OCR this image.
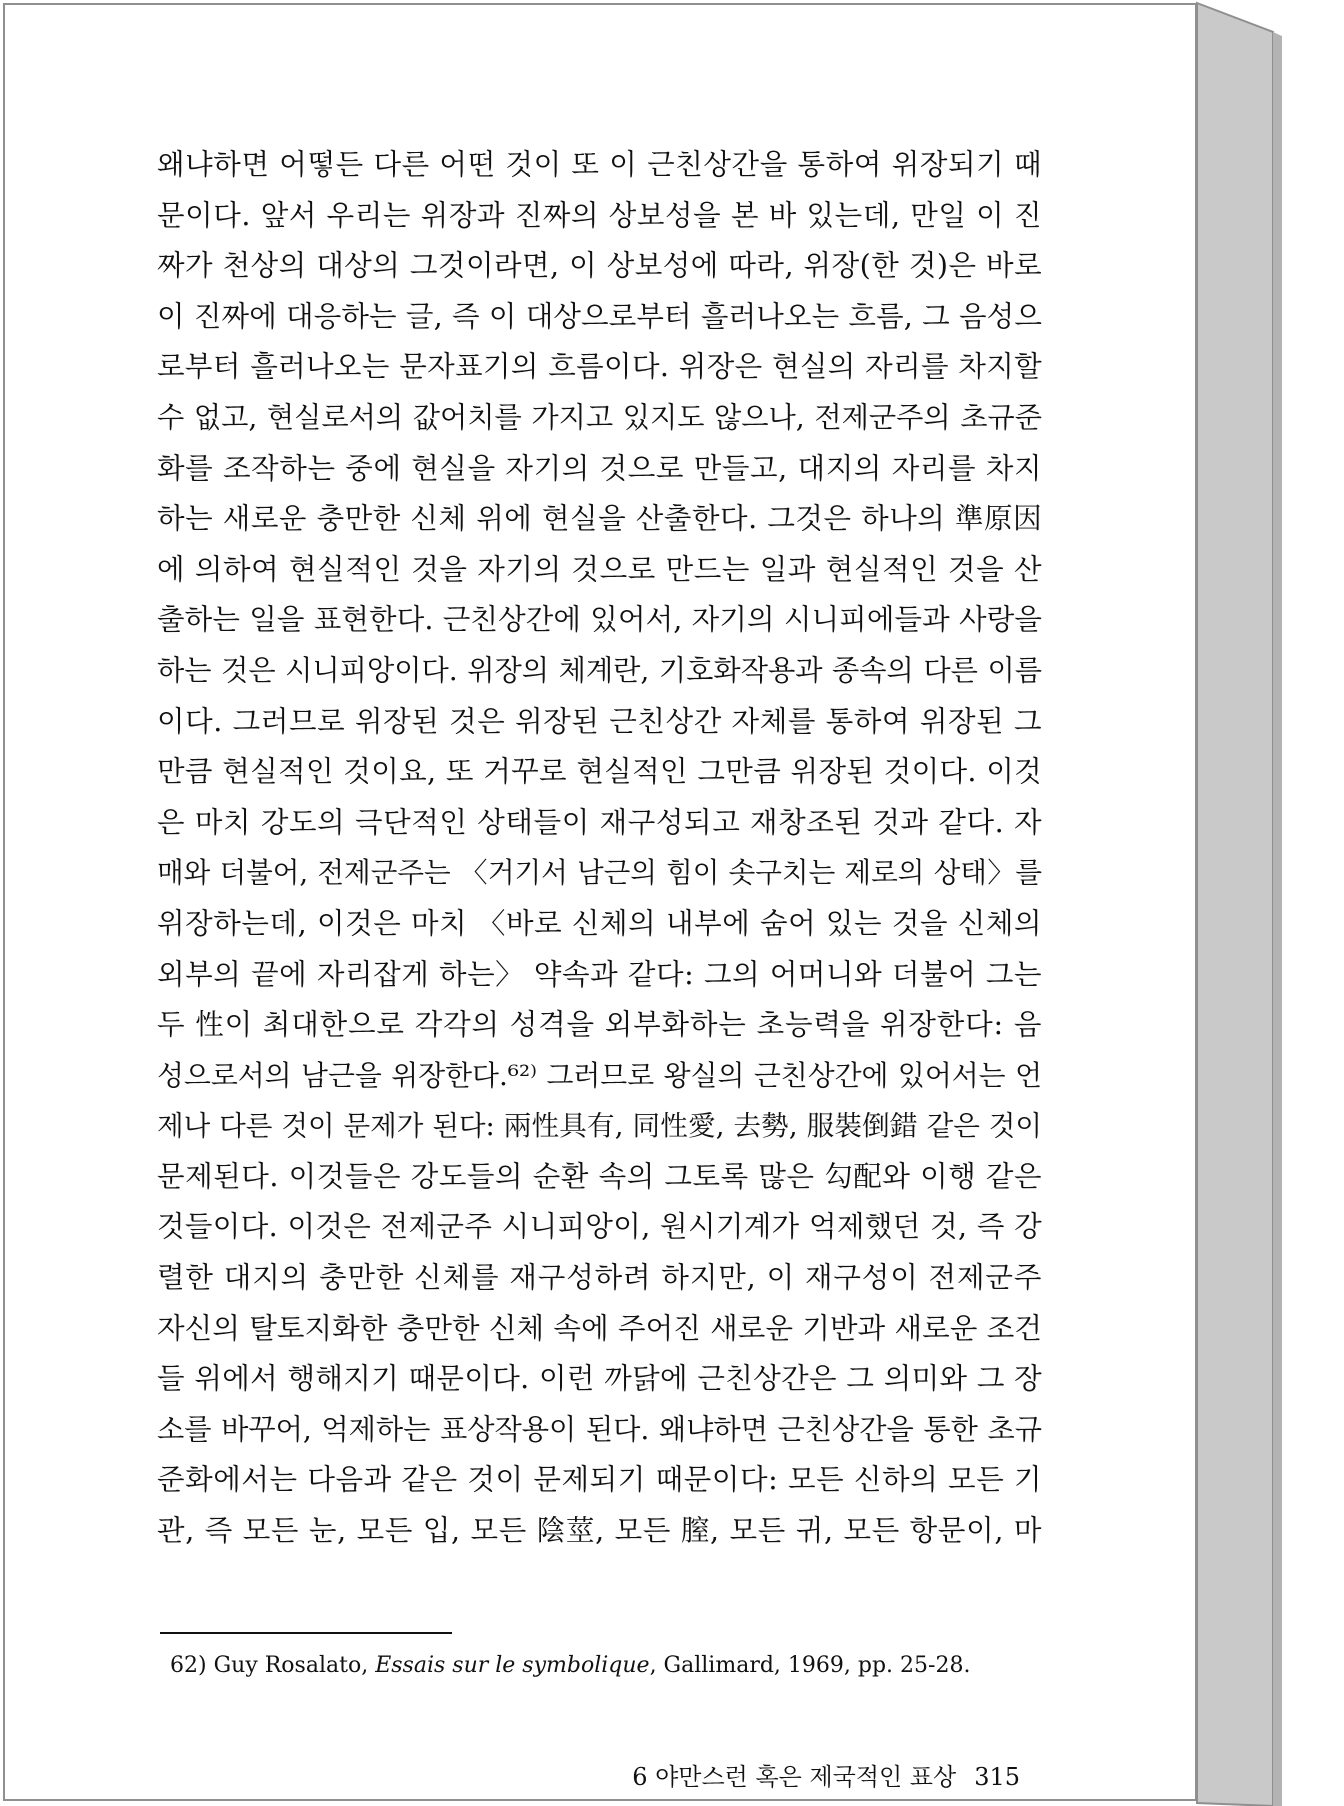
왜냐하면 어떻든 다른 어떤 것이 또 이 근친상간을 통하여 위장되기 때
문이다. 앞서 우리는 위장과 진짜의 상보성을 본 바 있는데, 만일 이 진
짜가 천상의 대상의 그것이라면, 이 상보성에 따라, 위장(한 것)은 바로
이 진짜에 대응하는 글, 즉 이 대상으로부터 흘러나오는 흐름, 그 음성으
로부터 흘러나오는 문자표기의 흐름이다. 위장은 현실의 자리를 차지할
수 없고, 현실로서의 값어치를 가지고 있지도 않으나, 전제군주의 초규준
화를 조작하는 중에 현실을 자기의 것으로 만들고, 대지의 자리를 차지
하는 새로운 충만한 신체 위에 현실을 산출한다. 그것은 하나의 準原因
에 의하여 현실적인 것을 자기의 것으로 만드는 일과 현실적인 것을 산
출하는 일을 표현한다. 근친상간에 있어서, 자기의 시니피에들과 사랑을
하는 것은 시니피앙이다. 위장의 체계란, 기호화작용과 종속의 다른 이름
이다. 그러므로 위장된 것은 위장된 근친상간 자체를 통하여 위장된 그
만큼 현실적인 것이요, 또 거꾸로 현실적인 그만큼 위장된 것이다. 이것
은 마치 강도의 극단적인 상태들이 재구성되고 재창조된 것과 같다. 자
매와 더불어, 전제군주는 〈거기서 남근의 힘이 솟구치는 제로의 상태〉를
위장하는데, 이것은 마치 〈바로 신체의 내부에 숨어 있는 것을 신체의
외부의 끝에 자리잡게 하는〉 약속과 같다: 그의 어머니와 더불어 그는
두 性이 최대한으로 각각의 성격을 외부화하는 초능력을 위장한다: 음
성으로서의 남근을 위장한다.⁶²⁾ 그러므로 왕실의 근친상간에 있어서는 언
제나 다른 것이 문제가 된다: 兩性具有, 同性愛, 去勢, 服裝倒錯 같은 것이
문제된다. 이것들은 강도들의 순환 속의 그토록 많은 勾配와 이행 같은
것들이다. 이것은 전제군주 시니피앙이, 원시기계가 억제했던 것, 즉 강
렬한 대지의 충만한 신체를 재구성하려 하지만, 이 재구성이 전제군주
자신의 탈토지화한 충만한 신체 속에 주어진 새로운 기반과 새로운 조건
들 위에서 행해지기 때문이다. 이런 까닭에 근친상간은 그 의미와 그 장
소를 바꾸어, 억제하는 표상작용이 된다. 왜냐하면 근친상간을 통한 초규
준화에서는 다음과 같은 것이 문제되기 때문이다: 모든 신하의 모든 기
관, 즉 모든 눈, 모든 입, 모든 陰莖, 모든 膣, 모든 귀, 모든 항문이, 마
62) Guy Rosalato, Essais sur le symbolique, Gallimard, 1969, pp. 25-28.
6 야만스런 혹은 제국적인 표상 315
